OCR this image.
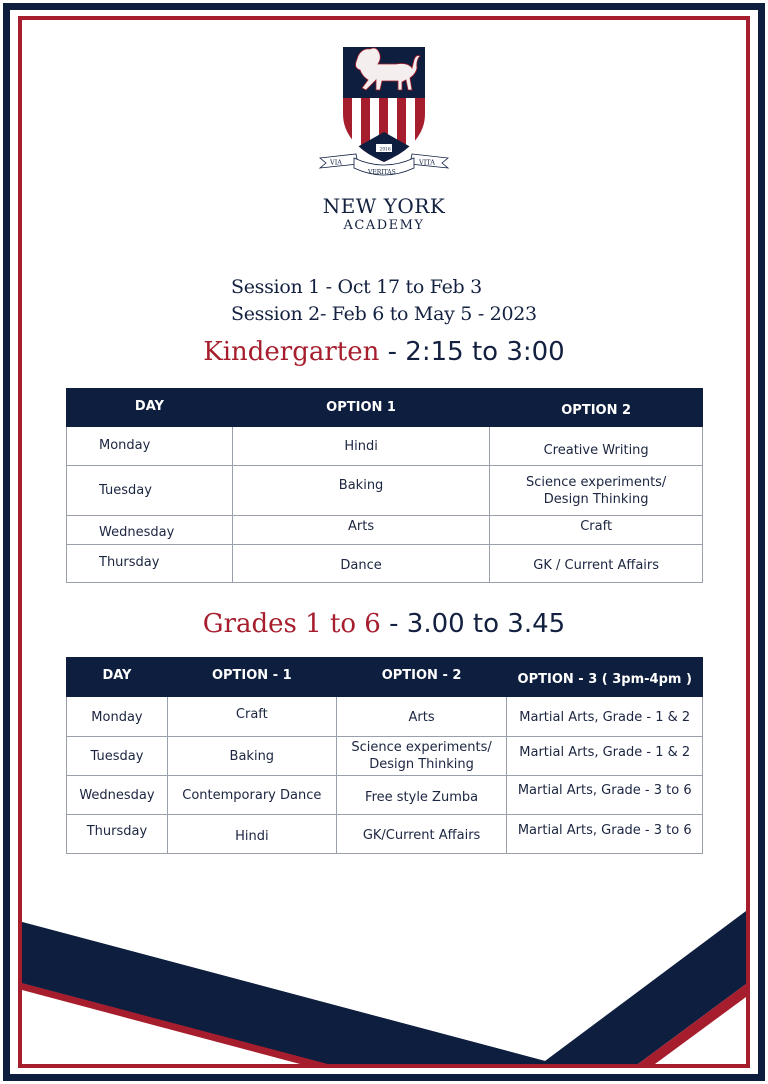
20 16
VIA
VERITAS
VITA
NEW YORK
ACADEMY
Session 1 - Oct 17 to Feb 3
Session 2- Feb 6 to May 5 - 2023
Kindergarten - 2:15 to 3:00
DAY	OPTION 1	OPTION 2
Monday	Hindi	Creative Writing

Tuesday	Baking	Science experiments/
Design Thinking

Wednesday	Arts	Craft

Thursday	Dance	GK / Current Affairs
Grades 1 to 6 - 3.00 to 3.45
DAY	OPTION - 1	OPTION - 2	OPTION - 3 ( 3pm-4pm )
Monday	Craft	Arts	Martial Arts, Grade - 1 & 2
Tuesday	Baking	Science experiments/
Design Thinking	Martial Arts, Grade - 1 & 2
Wednesday	Contemporary Dance	Free style Zumba	Martial Arts, Grade - 3 to 6
Thursday	Hindi	GK/Current Affairs	Martial Arts, Grade - 3 to 6
